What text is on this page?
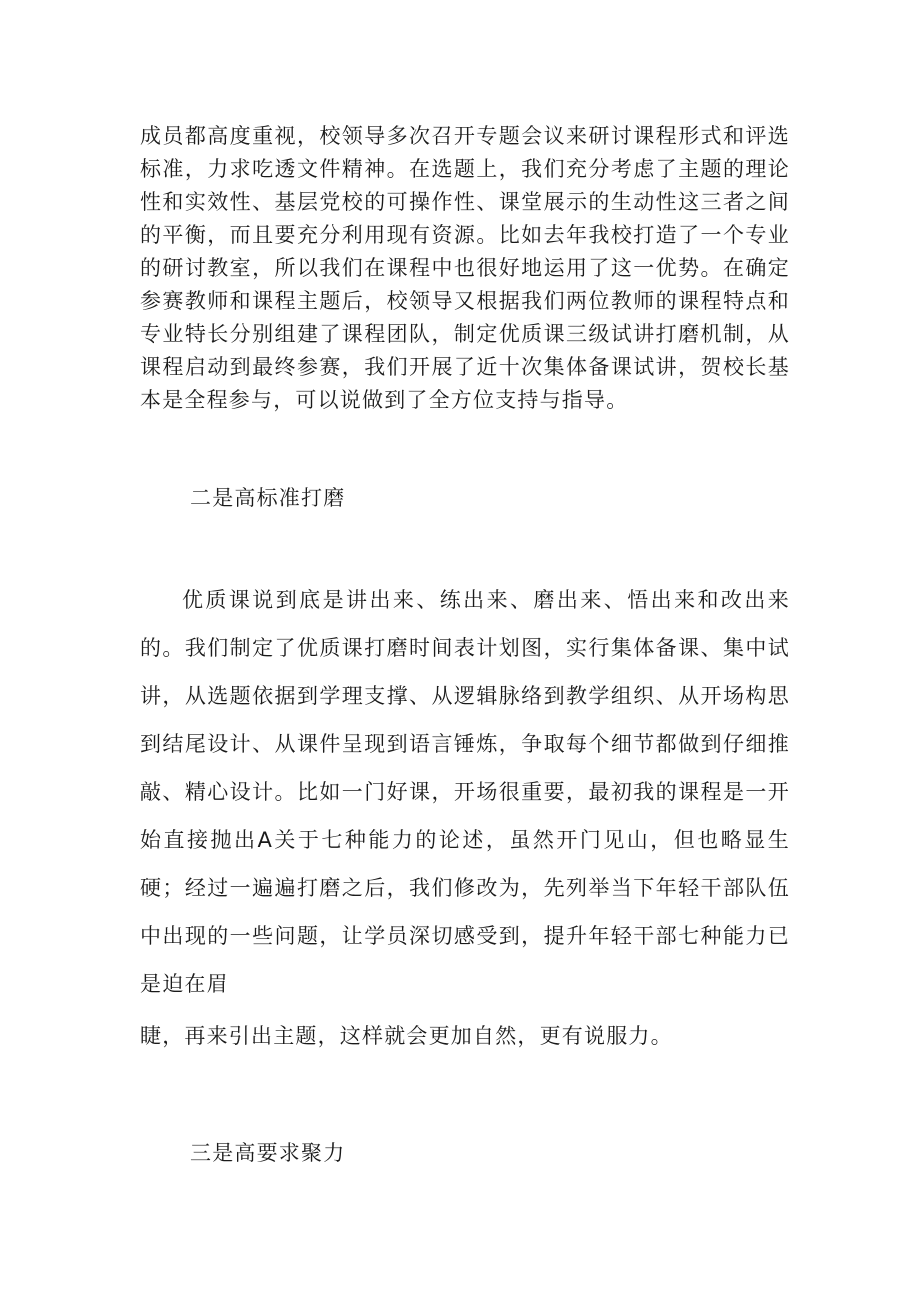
成员都高度重视，校领导多次召开专题会议来研讨课程形式和评选标准，力求吃透文件精神。在选题上，我们充分考虑了主题的理论性和实效性、基层党校的可操作性、课堂展示的生动性这三者之间的平衡，而且要充分利用现有资源。比如去年我校打造了一个专业的研讨教室，所以我们在课程中也很好地运用了这一优势。在确定参赛教师和课程主题后，校领导又根据我们两位教师的课程特点和专业特长分别组建了课程团队，制定优质课三级试讲打磨机制，从课程启动到最终参赛，我们开展了近十次集体备课试讲，贺校长基本是全程参与，可以说做到了全方位支持与指导。

二是高标准打磨

优质课说到底是讲出来、练出来、磨出来、悟出来和改出来的。我们制定了优质课打磨时间表计划图，实行集体备课、集中试讲，从选题依据到学理支撑、从逻辑脉络到教学组织、从开场构思到结尾设计、从课件呈现到语言锤炼，争取每个细节都做到仔细推敲、精心设计。比如一门好课，开场很重要，最初我的课程是一开始直接抛出A关于七种能力的论述，虽然开门见山，但也略显生硬；经过一遍遍打磨之后，我们修改为，先列举当下年轻干部队伍中出现的一些问题，让学员深切感受到，提升年轻干部七种能力已是迫在眉

睫，再来引出主题，这样就会更加自然，更有说服力。

三是高要求聚力
